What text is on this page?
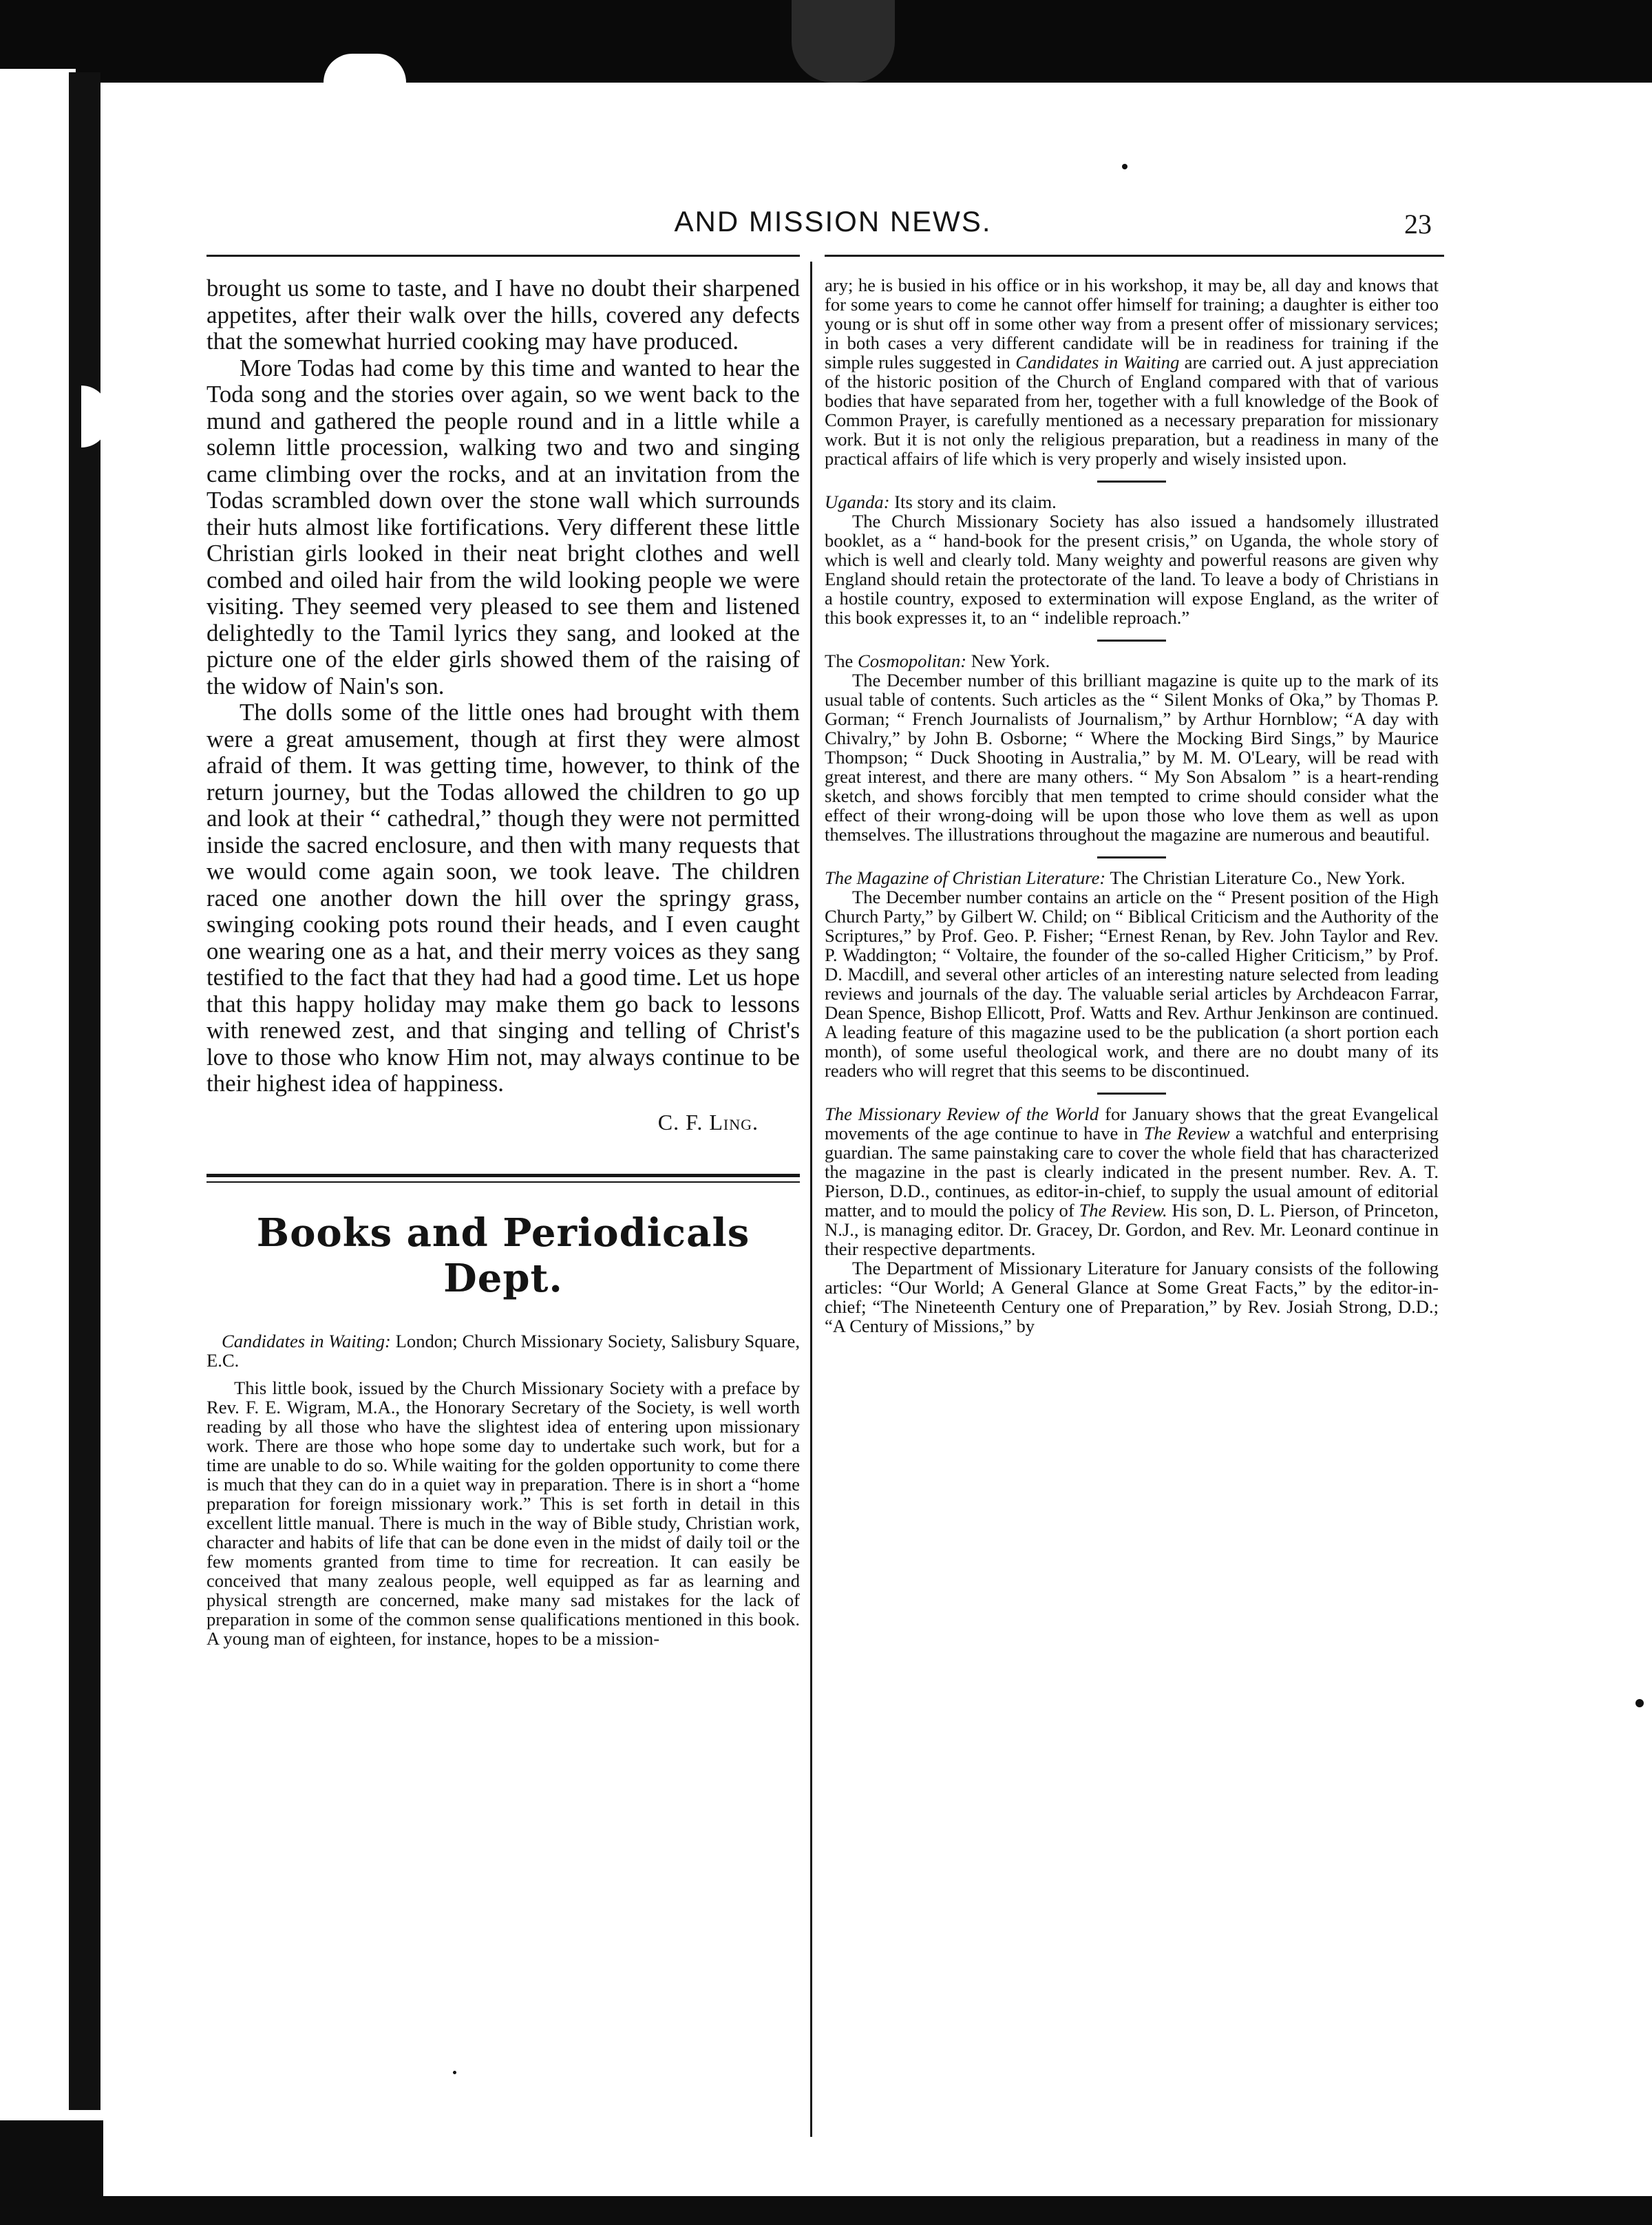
AND MISSION NEWS.	23

brought us some to taste, and I have no doubt their sharpened appetites, after their walk over the hills, covered any defects that the somewhat hurried cooking may have produced.

More Todas had come by this time and wanted to hear the Toda song and the stories over again, so we went back to the mund and gathered the people round and in a little while a solemn little procession, walking two and two and singing came climbing over the rocks, and at an invitation from the Todas scrambled down over the stone wall which surrounds their huts almost like fortifications. Very different these little Christian girls looked in their neat bright clothes and well combed and oiled hair from the wild looking people we were visiting. They seemed very pleased to see them and listened delightedly to the Tamil lyrics they sang, and looked at the picture one of the elder girls showed them of the raising of the widow of Nain's son.

The dolls some of the little ones had brought with them were a great amusement, though at first they were almost afraid of them. It was getting time, however, to think of the return journey, but the Todas allowed the children to go up and look at their “ cathedral,” though they were not permitted inside the sacred enclosure, and then with many requests that we would come again soon, we took leave. The children raced one another down the hill over the springy grass, swinging cooking pots round their heads, and I even caught one wearing one as a hat, and their merry voices as they sang testified to the fact that they had had a good time. Let us hope that this happy holiday may make them go back to lessons with renewed zest, and that singing and telling of Christ's love to those who know Him not, may always continue to be their highest idea of happiness.

C. F. Ling.
Books and Periodicals Dept.

Candidates in Waiting: London; Church Missionary Society, Salisbury Square, E.C.

This little book, issued by the Church Missionary Society with a preface by Rev. F. E. Wigram, M.A., the Honorary Secretary of the Society, is well worth reading by all those who have the slightest idea of entering upon missionary work. There are those who hope some day to undertake such work, but for a time are unable to do so. While waiting for the golden opportunity to come there is much that they can do in a quiet way in preparation. There is in short a “home preparation for foreign missionary work.” This is set forth in detail in this excellent little manual. There is much in the way of Bible study, Christian work, character and habits of life that can be done even in the midst of daily toil or the few moments granted from time to time for recreation. It can easily be conceived that many zealous people, well equipped as far as learning and physical strength are concerned, make many sad mistakes for the lack of preparation in some of the common sense qualifications mentioned in this book. A young man of eighteen, for instance, hopes to be a mission-

ary; he is busied in his office or in his workshop, it may be, all day and knows that for some years to come he cannot offer himself for training; a daughter is either too young or is shut off in some other way from a present offer of missionary services; in both cases a very different candidate will be in readiness for training if the simple rules suggested in Candidates in Waiting are carried out. A just appreciation of the historic position of the Church of England compared with that of various bodies that have separated from her, together with a full knowledge of the Book of Common Prayer, is carefully mentioned as a necessary preparation for missionary work. But it is not only the religious preparation, but a readiness in many of the practical affairs of life which is very properly and wisely insisted upon.

Uganda: Its story and its claim.

The Church Missionary Society has also issued a handsomely illustrated booklet, as a “ hand-book for the present crisis,” on Uganda, the whole story of which is well and clearly told. Many weighty and powerful reasons are given why England should retain the protectorate of the land. To leave a body of Christians in a hostile country, exposed to extermination will expose England, as the writer of this book expresses it, to an “ indelible reproach.”

The Cosmopolitan: New York.

The December number of this brilliant magazine is quite up to the mark of its usual table of contents. Such articles as the “ Silent Monks of Oka,” by Thomas P. Gorman; “ French Journalists of Journalism,” by Arthur Hornblow; “A day with Chivalry,” by John B. Osborne; “ Where the Mocking Bird Sings,” by Maurice Thompson; “ Duck Shooting in Australia,” by M. M. O'Leary, will be read with great interest, and there are many others. “ My Son Absalom ” is a heart-rending sketch, and shows forcibly that men tempted to crime should consider what the effect of their wrong-doing will be upon those who love them as well as upon themselves. The illustrations throughout the magazine are numerous and beautiful.

The Magazine of Christian Literature: The Christian Literature Co., New York.

The December number contains an article on the “ Present position of the High Church Party,” by Gilbert W. Child; on “ Biblical Criticism and the Authority of the Scriptures,” by Prof. Geo. P. Fisher; “Ernest Renan, by Rev. John Taylor and Rev. P. Waddington; “ Voltaire, the founder of the so-called Higher Criticism,” by Prof. D. Macdill, and several other articles of an interesting nature selected from leading reviews and journals of the day. The valuable serial articles by Archdeacon Farrar, Dean Spence, Bishop Ellicott, Prof. Watts and Rev. Arthur Jenkinson are continued. A leading feature of this magazine used to be the publication (a short portion each month), of some useful theological work, and there are no doubt many of its readers who will regret that this seems to be discontinued.

The Missionary Review of the World for January shows that the great Evangelical movements of the age continue to have in The Review a watchful and enterprising guardian. The same painstaking care to cover the whole field that has characterized the magazine in the past is clearly indicated in the present number. Rev. A. T. Pierson, D.D., continues, as editor-in-chief, to supply the usual amount of editorial matter, and to mould the policy of The Review. His son, D. L. Pierson, of Princeton, N.J., is managing editor. Dr. Gracey, Dr. Gordon, and Rev. Mr. Leonard continue in their respective departments.

The Department of Missionary Literature for January consists of the following articles: “Our World; A General Glance at Some Great Facts,” by the editor-in-chief; “The Nineteenth Century one of Preparation,” by Rev. Josiah Strong, D.D.; “A Century of Missions,” by
